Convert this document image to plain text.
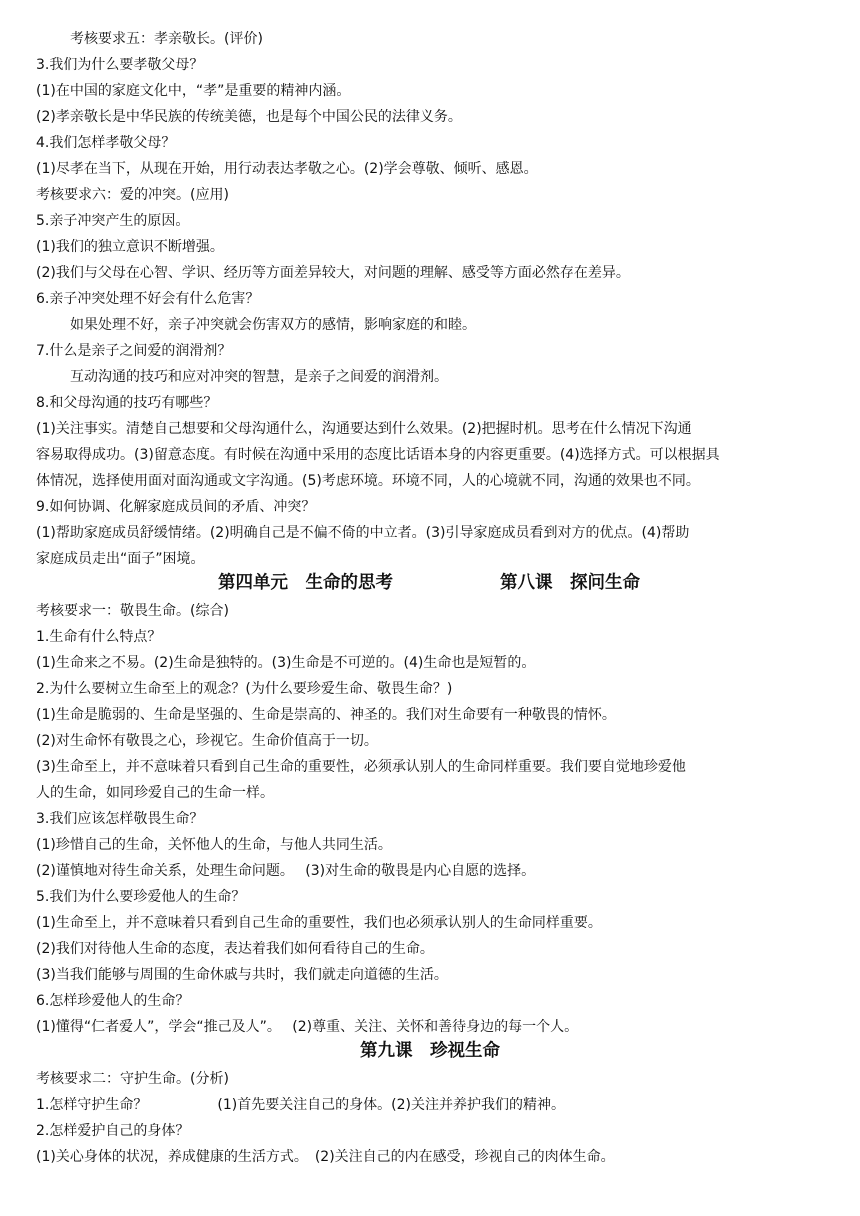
考核要求五：孝亲敬长。(评价)
3.我们为什么要孝敬父母？
(1)在中国的家庭文化中，“孝”是重要的精神内涵。
(2)孝亲敬长是中华民族的传统美德，也是每个中国公民的法律义务。
4.我们怎样孝敬父母？
(1)尽孝在当下，从现在开始，用行动表达孝敬之心。(2)学会尊敬、倾听、感恩。
考核要求六：爱的冲突。(应用)
5.亲子冲突产生的原因。
(1)我们的独立意识不断增强。
(2)我们与父母在心智、学识、经历等方面差异较大，对问题的理解、感受等方面必然存在差异。
6.亲子冲突处理不好会有什么危害？
如果处理不好，亲子冲突就会伤害双方的感情，影响家庭的和睦。
7.什么是亲子之间爱的润滑剂？
互动沟通的技巧和应对冲突的智慧，是亲子之间爱的润滑剂。
8.和父母沟通的技巧有哪些？
(1)关注事实。清楚自己想要和父母沟通什么，沟通要达到什么效果。(2)把握时机。思考在什么情况下沟通
容易取得成功。(3)留意态度。有时候在沟通中采用的态度比话语本身的内容更重要。(4)选择方式。可以根据具
体情况，选择使用面对面沟通或文字沟通。(5)考虑环境。环境不同，人的心境就不同，沟通的效果也不同。
9.如何协调、化解家庭成员间的矛盾、冲突？
(1)帮助家庭成员舒缓情绪。(2)明确自己是不偏不倚的中立者。(3)引导家庭成员看到对方的优点。(4)帮助
家庭成员走出“面子”困境。
第四单元　生命的思考	第八课　探问生命
考核要求一：敬畏生命。(综合)
1.生命有什么特点？
(1)生命来之不易。(2)生命是独特的。(3)生命是不可逆的。(4)生命也是短暂的。
2.为什么要树立生命至上的观念？(为什么要珍爱生命、敬畏生命？)
(1)生命是脆弱的、生命是坚强的、生命是崇高的、神圣的。我们对生命要有一种敬畏的情怀。
(2)对生命怀有敬畏之心，珍视它。生命价值高于一切。
(3)生命至上，并不意味着只看到自己生命的重要性，必须承认别人的生命同样重要。我们要自觉地珍爱他
人的生命，如同珍爱自己的生命一样。
3.我们应该怎样敬畏生命？
(1)珍惜自己的生命，关怀他人的生命，与他人共同生活。
(2)谨慎地对待生命关系，处理生命问题。　 (3)对生命的敬畏是内心自愿的选择。
5.我们为什么要珍爱他人的生命？
(1)生命至上，并不意味着只看到自己生命的重要性，我们也必须承认别人的生命同样重要。
(2)我们对待他人生命的态度，表达着我们如何看待自己的生命。
(3)当我们能够与周围的生命休戚与共时，我们就走向道德的生活。
6.怎样珍爱他人的生命？
(1)懂得“仁者爱人”，学会“推己及人”。　 (2)尊重、关注、关怀和善待身边的每一个人。
第九课　珍视生命
考核要求二：守护生命。(分析)
1.怎样守护生命？　　　　　(1)首先要关注自己的身体。(2)关注并养护我们的精神。
2.怎样爱护自己的身体？
(1)关心身体的状况，养成健康的生活方式。　(2)关注自己的内在感受，珍视自己的肉体生命。
